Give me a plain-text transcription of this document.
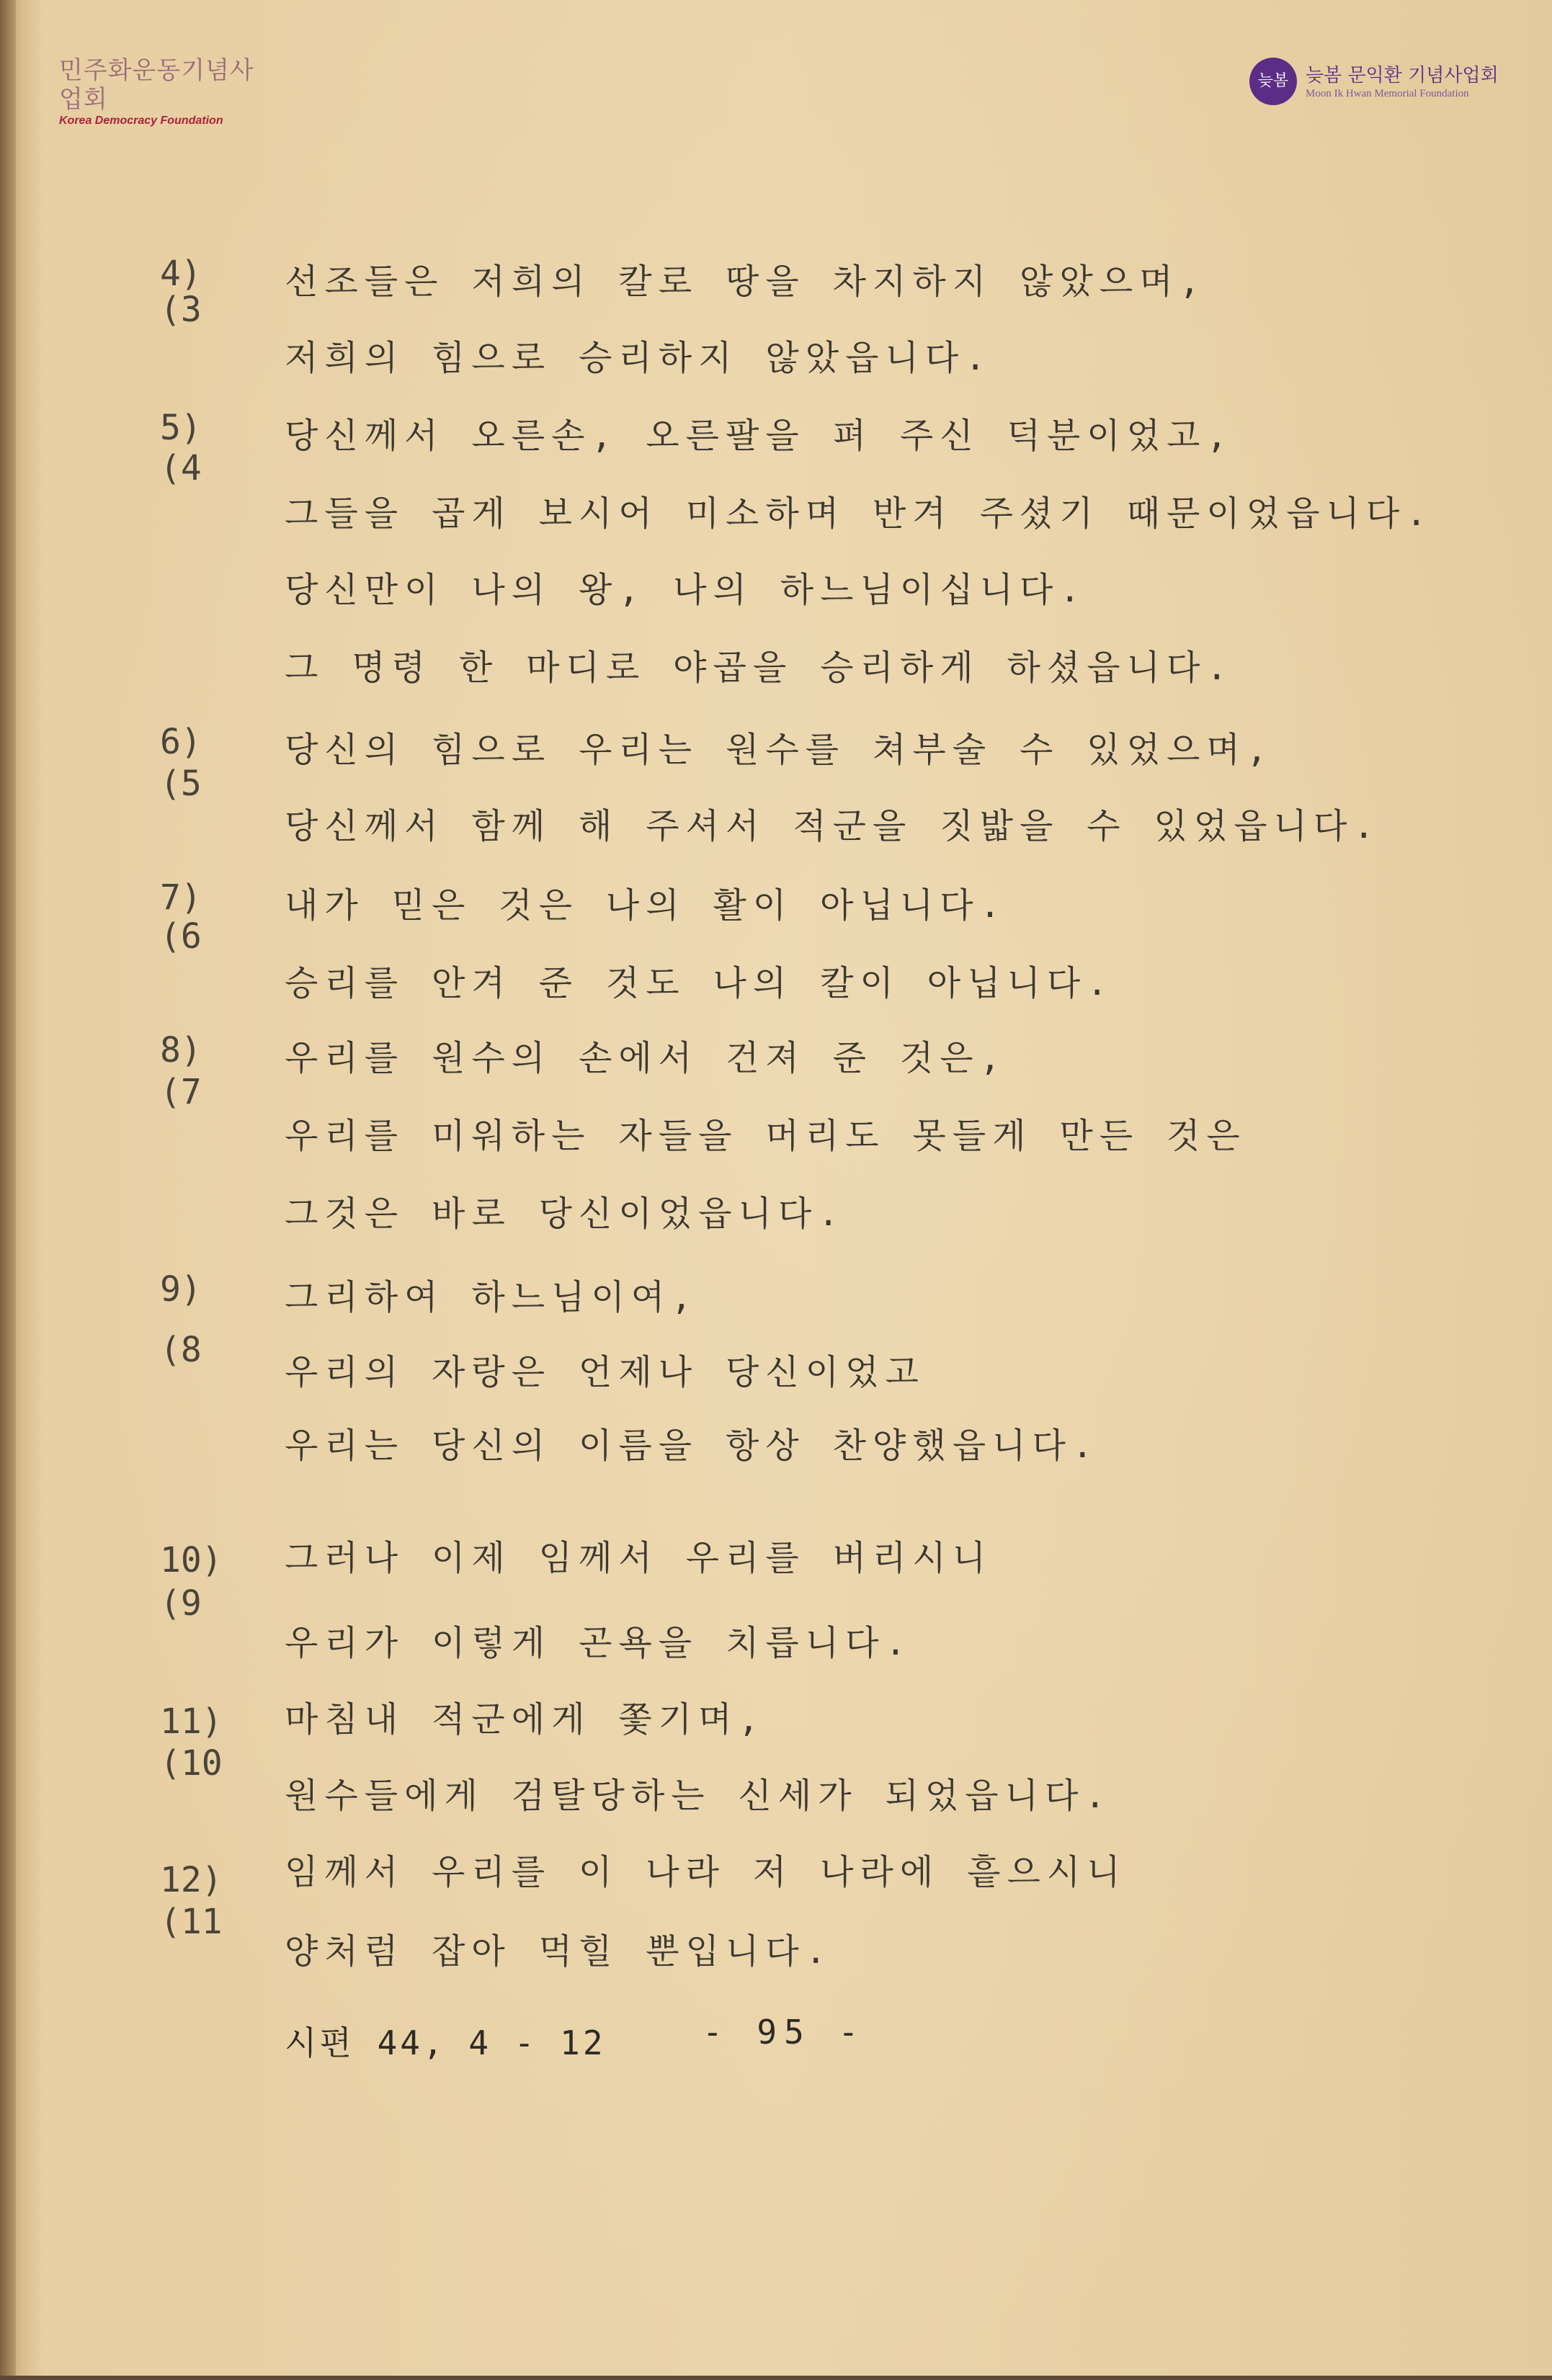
민주화운동기념사업회
Korea Democracy Foundation
늦봄 늦봄 문익환 기념사업회
Moon Ik Hwan Memorial Foundation
4)
(3
5)
(4
6)
(5
7)
(6
8)
(7
9)
(8
10)
(9
11)
(10
12)
(11
선조들은 저희의 칼로 땅을 차지하지 않았으며,
저희의 힘으로 승리하지 않았읍니다.
당신께서 오른손, 오른팔을 펴 주신 덕분이었고,
그들을 곱게 보시어 미소하며 반겨 주셨기 때문이었읍니다.
당신만이 나의 왕, 나의 하느님이십니다.
그 명령 한 마디로 야곱을 승리하게 하셨읍니다.
당신의 힘으로 우리는 원수를 쳐부술 수 있었으며,
당신께서 함께 해 주셔서 적군을 짓밟을 수 있었읍니다.
내가 믿은 것은 나의 활이 아닙니다.
승리를 안겨 준 것도 나의 칼이 아닙니다.
우리를 원수의 손에서 건져 준 것은,
우리를 미워하는 자들을 머리도 못들게 만든 것은
그것은 바로 당신이었읍니다.
그리하여 하느님이여,
우리의 자랑은 언제나 당신이었고
우리는 당신의 이름을 항상 찬양했읍니다.
그러나 이제 임께서 우리를 버리시니
우리가 이렇게 곤욕을 치릅니다.
마침내 적군에게 쫓기며,
원수들에게 검탈당하는 신세가 되었읍니다.
임께서 우리를 이 나라 저 나라에 흩으시니
양처럼 잡아 먹힐 뿐입니다.
시편 44, 4 - 12	- 95 -
